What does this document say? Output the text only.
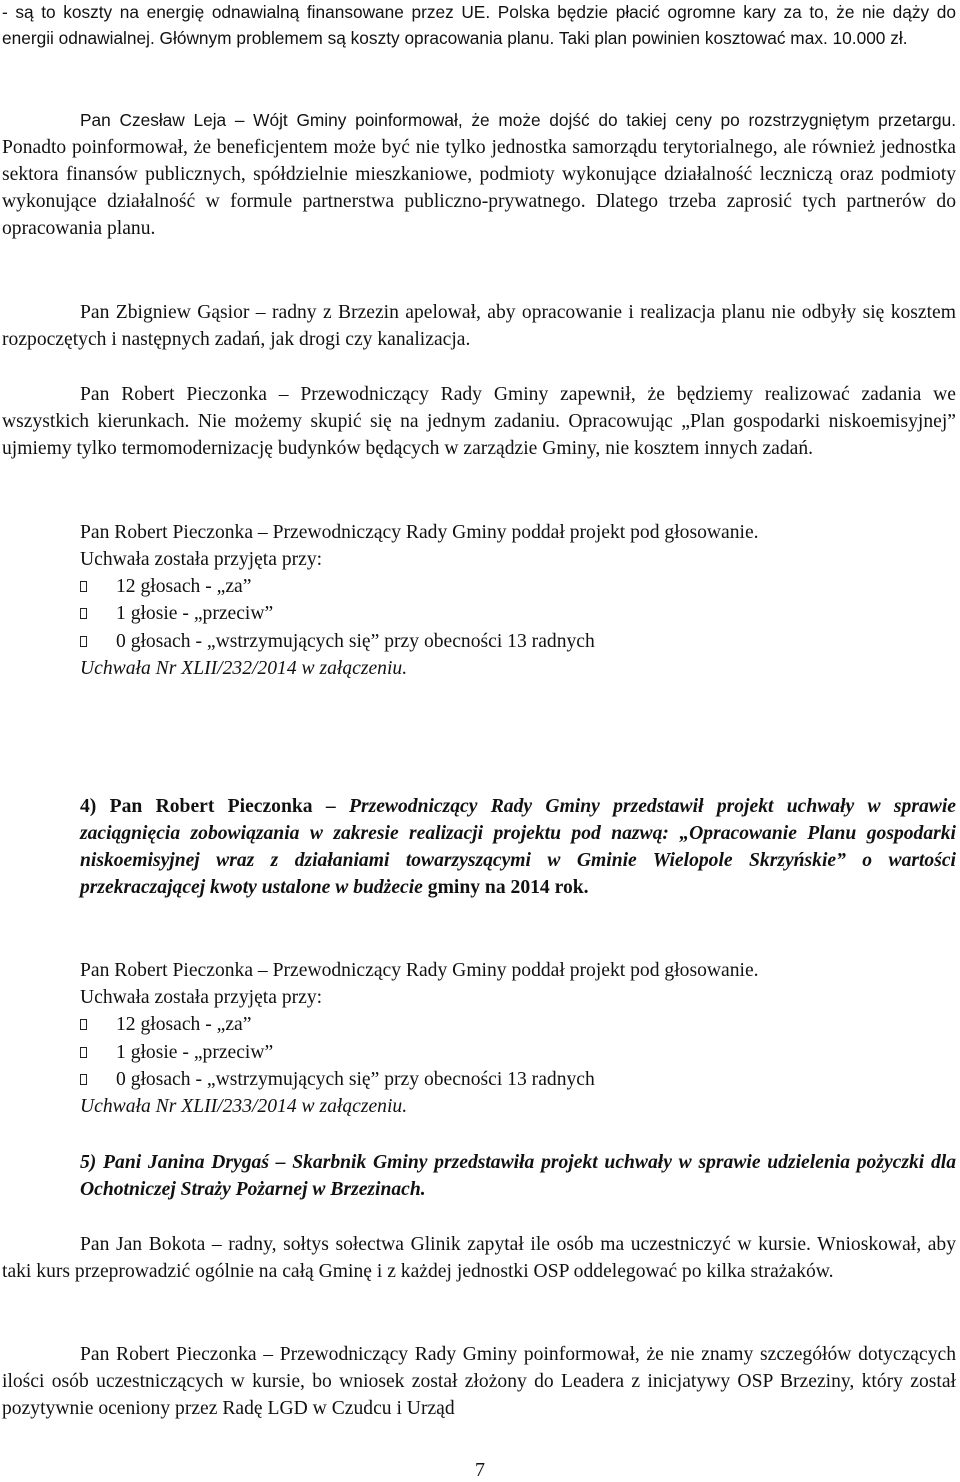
- są to koszty na energię odnawialną finansowane przez UE. Polska będzie płacić ogromne kary za to, że nie dąży do energii odnawialnej. Głównym problemem są koszty opracowania planu. Taki plan powinien kosztować max. 10.000 zł.

Pan Czesław Leja – Wójt Gminy poinformował, że może dojść do takiej ceny po rozstrzygniętym przetargu. Ponadto poinformował, że beneficjentem może być nie tylko jednostka samorządu terytorialnego, ale również jednostka sektora finansów publicznych, spółdzielnie mieszkaniowe, podmioty wykonujące działalność leczniczą oraz podmioty wykonujące działalność w formule partnerstwa publiczno-prywatnego. Dlatego trzeba zaprosić tych partnerów do opracowania planu.

Pan Zbigniew Gąsior – radny z Brzezin apelował, aby opracowanie i realizacja planu nie odbyły się kosztem rozpoczętych i następnych zadań, jak drogi czy kanalizacja.

Pan Robert Pieczonka – Przewodniczący Rady Gminy zapewnił, że będziemy realizować zadania we wszystkich kierunkach. Nie możemy skupić się na jednym zadaniu. Opracowując „Plan gospodarki niskoemisyjnej” ujmiemy tylko termomodernizację budynków będących w zarządzie Gminy, nie kosztem innych zadań.

Pan Robert Pieczonka – Przewodniczący Rady Gminy poddał projekt pod głosowanie.

Uchwała została przyjęta przy:

12 głosach - „za”
1 głosie - „przeciw”
0 głosach - „wstrzymujących się” przy obecności 13 radnych

Uchwała Nr XLII/232/2014 w załączeniu.

4) Pan Robert Pieczonka – Przewodniczący Rady Gminy przedstawił projekt uchwały w sprawie zaciągnięcia zobowiązania w zakresie realizacji projektu pod nazwą: „Opracowanie Planu gospodarki niskoemisyjnej wraz z działaniami towarzyszącymi w Gminie Wielopole Skrzyńskie” o wartości przekraczającej kwoty ustalone w budżecie gminy na 2014 rok.

Pan Robert Pieczonka – Przewodniczący Rady Gminy poddał projekt pod głosowanie.

Uchwała została przyjęta przy:

12 głosach - „za”
1 głosie - „przeciw”
0 głosach - „wstrzymujących się” przy obecności 13 radnych

Uchwała Nr XLII/233/2014 w załączeniu.

5) Pani Janina Drygaś – Skarbnik Gminy przedstawiła projekt uchwały w sprawie udzielenia pożyczki dla Ochotniczej Straży Pożarnej w Brzezinach.

Pan Jan Bokota – radny, sołtys sołectwa Glinik zapytał ile osób ma uczestniczyć w kursie. Wnioskował, aby taki kurs przeprowadzić ogólnie na całą Gminę i z każdej jednostki OSP oddelegować po kilka strażaków.

Pan Robert Pieczonka – Przewodniczący Rady Gminy poinformował, że nie znamy szczegółów dotyczących ilości osób uczestniczących w kursie, bo wniosek został złożony do Leadera z inicjatywy OSP Brzeziny, który został pozytywnie oceniony przez Radę LGD w Czudcu i Urząd

7
